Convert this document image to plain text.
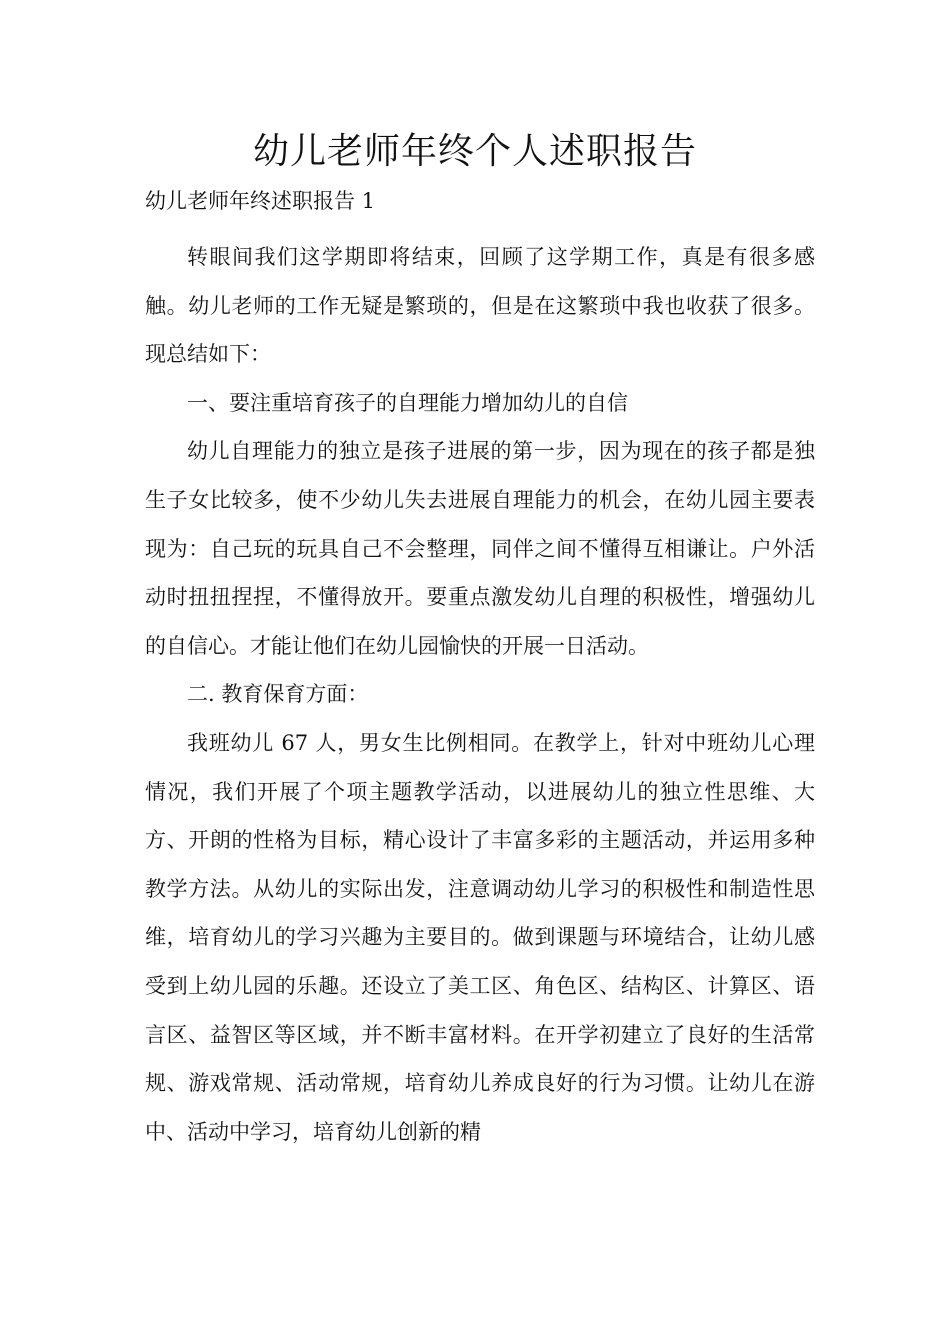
幼儿老师年终个人述职报告

幼儿老师年终述职报告 1

转眼间我们这学期即将结束，回顾了这学期工作，真是有很多感触。幼儿老师的工作无疑是繁琐的，但是在这繁琐中我也收获了很多。现总结如下：

一、要注重培育孩子的自理能力增加幼儿的自信

幼儿自理能力的独立是孩子进展的第一步，因为现在的孩子都是独生子女比较多，使不少幼儿失去进展自理能力的机会，在幼儿园主要表现为：自己玩的玩具自己不会整理，同伴之间不懂得互相谦让。户外活动时扭扭捏捏，不懂得放开。要重点激发幼儿自理的积极性，增强幼儿的自信心。才能让他们在幼儿园愉快的开展一日活动。

二. 教育保育方面：

我班幼儿 67 人，男女生比例相同。在教学上，针对中班幼儿心理情况，我们开展了个项主题教学活动，以进展幼儿的独立性思维、大方、开朗的性格为目标，精心设计了丰富多彩的主题活动，并运用多种教学方法。从幼儿的实际出发，注意调动幼儿学习的积极性和制造性思维，培育幼儿的学习兴趣为主要目的。做到课题与环境结合，让幼儿感受到上幼儿园的乐趣。还设立了美工区、角色区、结构区、计算区、语言区、益智区等区域，并不断丰富材料。在开学初建立了良好的生活常规、游戏常规、活动常规，培育幼儿养成良好的行为习惯。让幼儿在游中、活动中学习，培育幼儿创新的精
